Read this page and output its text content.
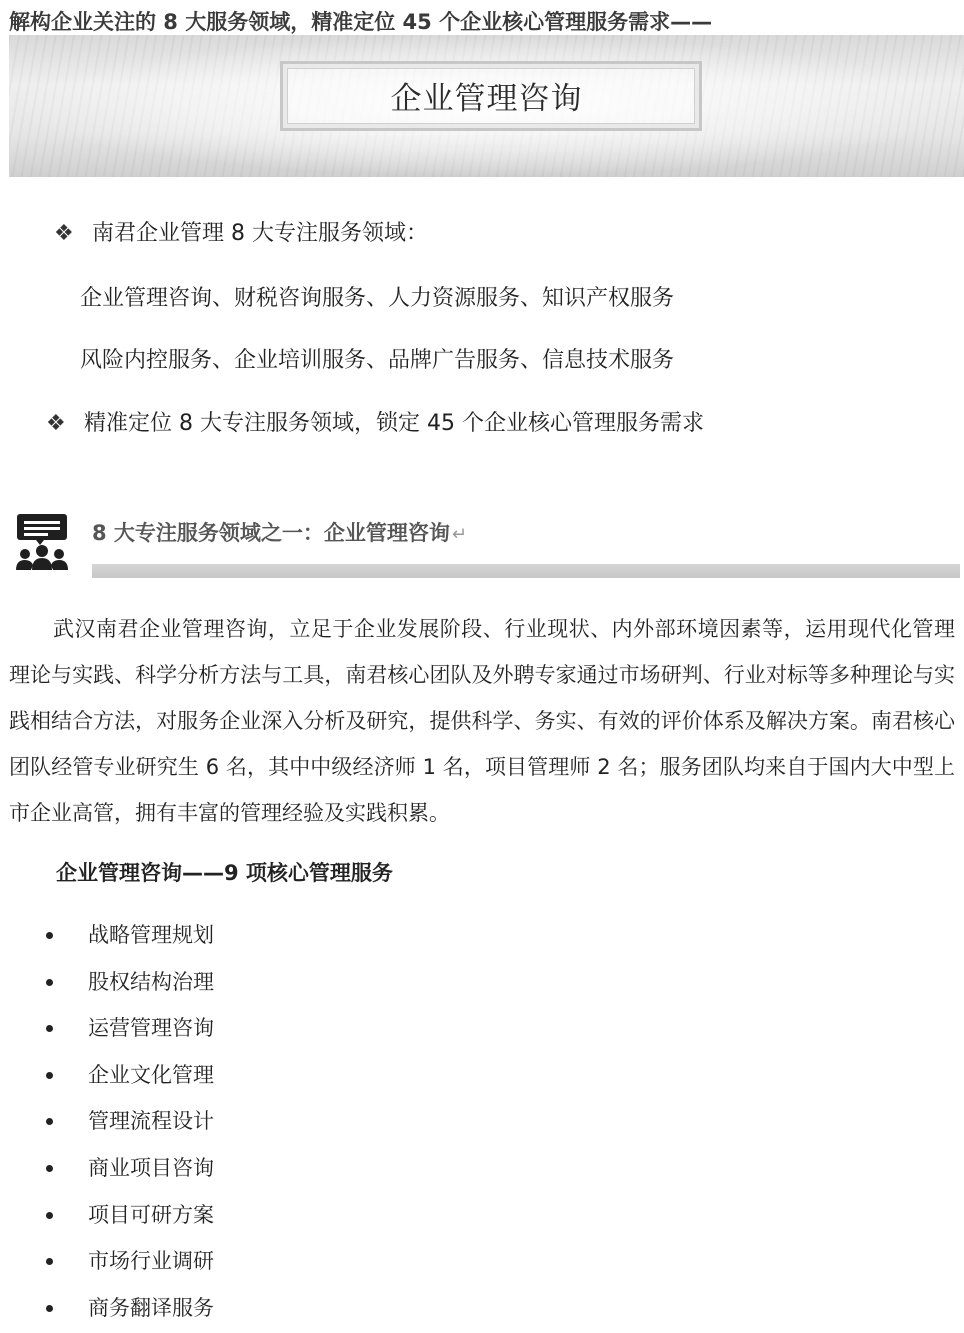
解构企业关注的 8 大服务领域，精准定位 45 个企业核心管理服务需求——
企业管理咨询
❖ 南君企业管理 8 大专注服务领域：
企业管理咨询、财税咨询服务、人力资源服务、知识产权服务
风险内控服务、企业培训服务、品牌广告服务、信息技术服务
❖ 精准定位 8 大专注服务领域，锁定 45 个企业核心管理服务需求
8 大专注服务领域之一：企业管理咨询 ↵
武汉南君企业管理咨询，立足于企业发展阶段、行业现状、内外部环境因素等，运用现代化管理理论与实践、科学分析方法与工具，南君核心团队及外聘专家通过市场研判、行业对标等多种理论与实践相结合方法，对服务企业深入分析及研究，提供科学、务实、有效的评价体系及解决方案。南君核心团队经管专业研究生 6 名，其中中级经济师 1 名，项目管理师 2 名；服务团队均来自于国内大中型上市企业高管，拥有丰富的管理经验及实践积累。
企业管理咨询——9 项核心管理服务
战略管理规划
股权结构治理
运营管理咨询
企业文化管理
管理流程设计
商业项目咨询
项目可研方案
市场行业调研
商务翻译服务
